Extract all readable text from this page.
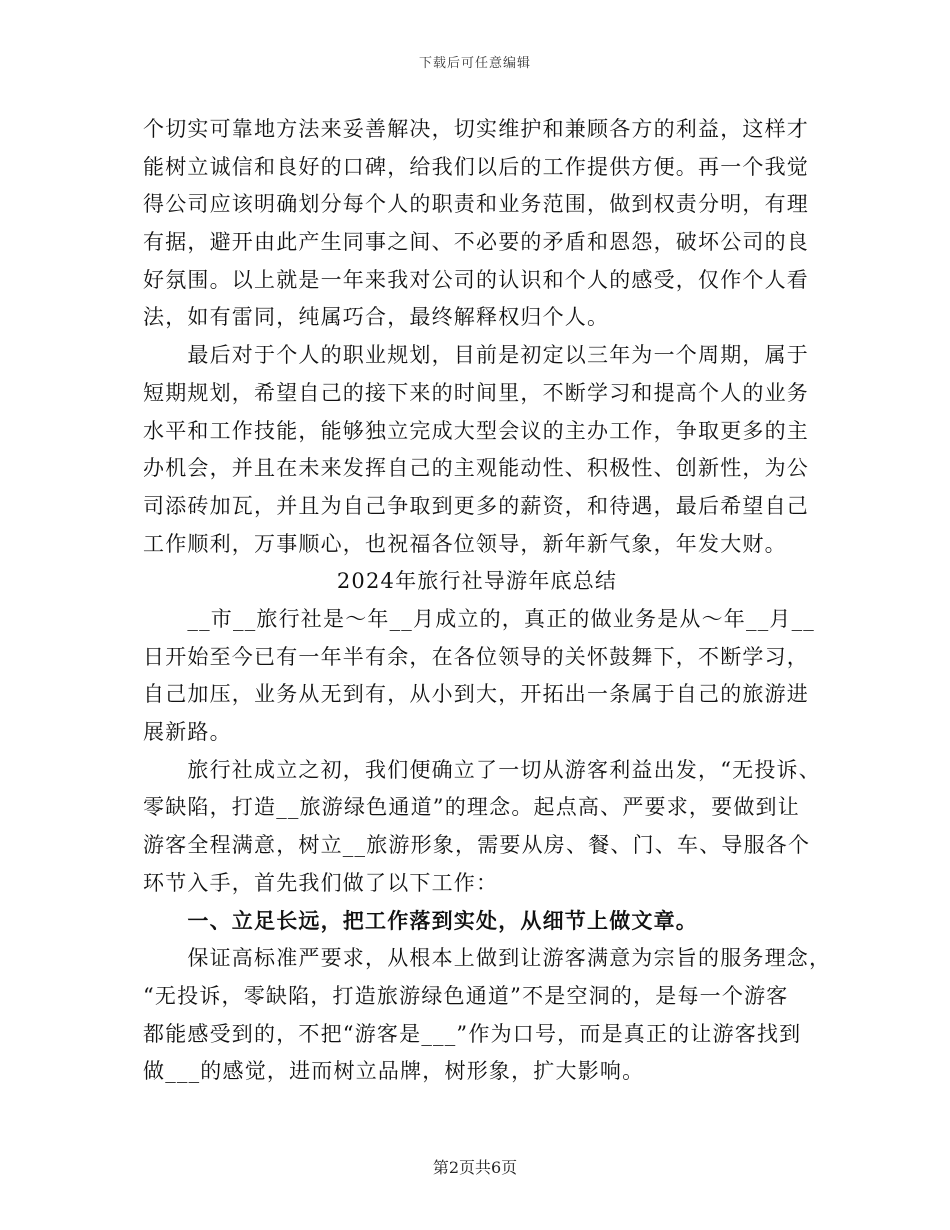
下载后可任意编辑
个切实可靠地方法来妥善解决，切实维护和兼顾各方的利益，这样才
能树立诚信和良好的口碑，给我们以后的工作提供方便。再一个我觉
得公司应该明确划分每个人的职责和业务范围，做到权责分明，有理
有据，避开由此产生同事之间、不必要的矛盾和恩怨，破坏公司的良
好氛围。以上就是一年来我对公司的认识和个人的感受，仅作个人看
法，如有雷同，纯属巧合，最终解释权归个人。
　　最后对于个人的职业规划，目前是初定以三年为一个周期，属于
短期规划，希望自己的接下来的时间里，不断学习和提高个人的业务
水平和工作技能，能够独立完成大型会议的主办工作，争取更多的主
办机会，并且在未来发挥自己的主观能动性、积极性、创新性，为公
司添砖加瓦，并且为自己争取到更多的薪资，和待遇，最后希望自己
工作顺利，万事顺心，也祝福各位领导，新年新气象，年发大财。
2024年旅行社导游年底总结
　　__市__旅行社是～年__月成立的，真正的做业务是从～年__月__
日开始至今已有一年半有余，在各位领导的关怀鼓舞下，不断学习，
自己加压，业务从无到有，从小到大，开拓出一条属于自己的旅游进
展新路。
　　旅行社成立之初，我们便确立了一切从游客利益出发，“无投诉、
零缺陷，打造__旅游绿色通道”的理念。起点高、严要求，要做到让
游客全程满意，树立__旅游形象，需要从房、餐、门、车、导服各个
环节入手，首先我们做了以下工作：
　　一、立足长远，把工作落到实处，从细节上做文章。
　　保证高标准严要求，从根本上做到让游客满意为宗旨的服务理念，
“无投诉，零缺陷，打造旅游绿色通道”不是空洞的，是每一个游客
都能感受到的，不把“游客是___”作为口号，而是真正的让游客找到
做___的感觉，进而树立品牌，树形象，扩大影响。
第2页共6页
